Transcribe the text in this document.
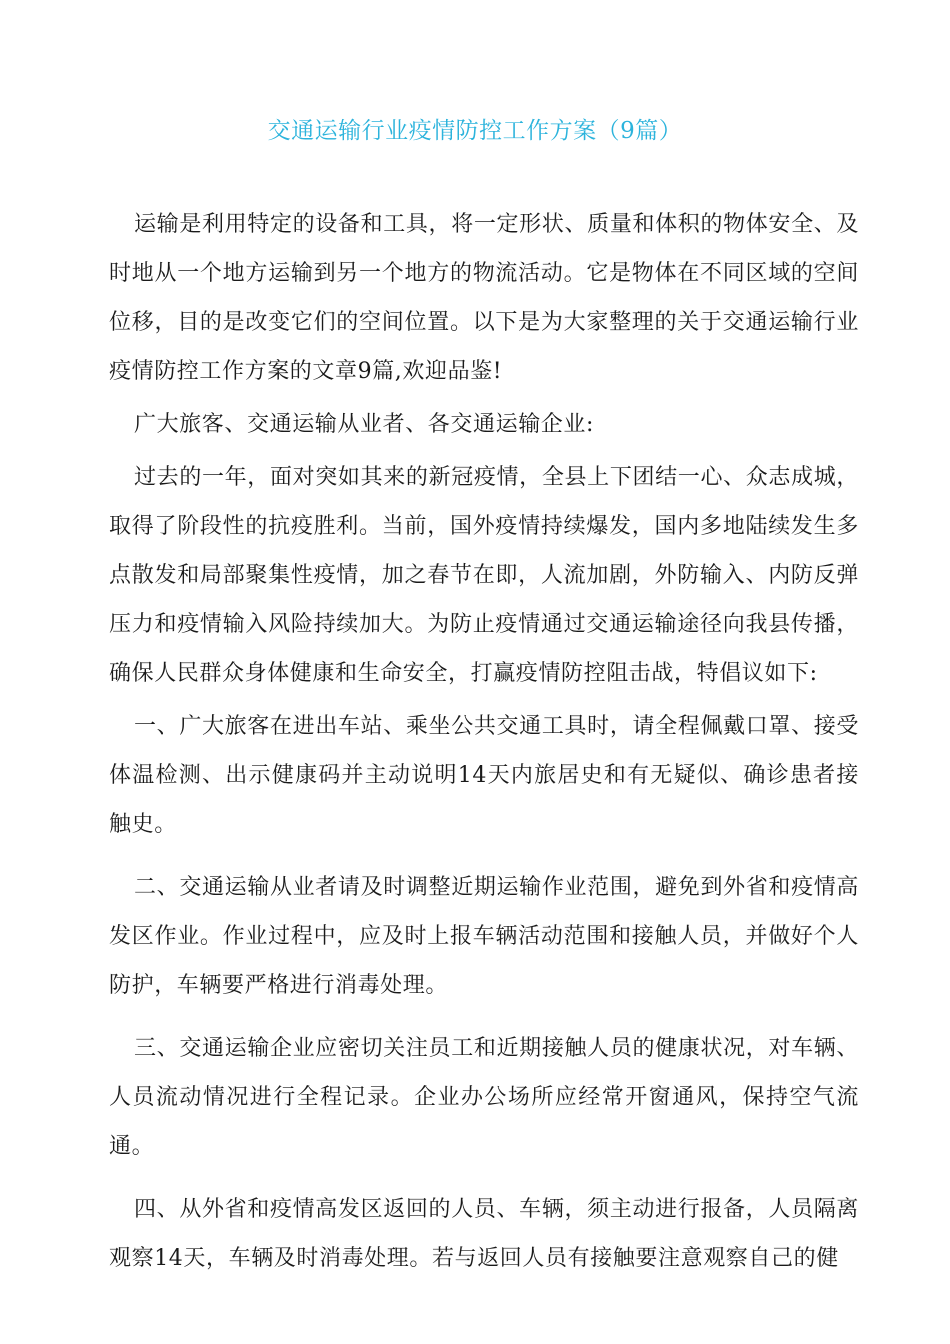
交通运输行业疫情防控工作方案（9篇）

运输是利用特定的设备和工具，将一定形状、质量和体积的物体安全、及时地从一个地方运输到另一个地方的物流活动。它是物体在不同区域的空间位移，目的是改变它们的空间位置。以下是为大家整理的关于交通运输行业疫情防控工作方案的文章9篇,欢迎品鉴!

广大旅客、交通运输从业者、各交通运输企业:

过去的一年，面对突如其来的新冠疫情，全县上下团结一心、众志成城，取得了阶段性的抗疫胜利。当前，国外疫情持续爆发，国内多地陆续发生多点散发和局部聚集性疫情，加之春节在即，人流加剧，外防输入、内防反弹压力和疫情输入风险持续加大。为防止疫情通过交通运输途径向我县传播，确保人民群众身体健康和生命安全，打赢疫情防控阻击战，特倡议如下:

一、广大旅客在进出车站、乘坐公共交通工具时，请全程佩戴口罩、接受体温检测、出示健康码并主动说明14天内旅居史和有无疑似、确诊患者接触史。

二、交通运输从业者请及时调整近期运输作业范围，避免到外省和疫情高发区作业。作业过程中，应及时上报车辆活动范围和接触人员，并做好个人防护，车辆要严格进行消毒处理。

三、交通运输企业应密切关注员工和近期接触人员的健康状况，对车辆、人员流动情况进行全程记录。企业办公场所应经常开窗通风，保持空气流通。

四、从外省和疫情高发区返回的人员、车辆，须主动进行报备，人员隔离观察14天，车辆及时消毒处理。若与返回人员有接触要注意观察自己的健
